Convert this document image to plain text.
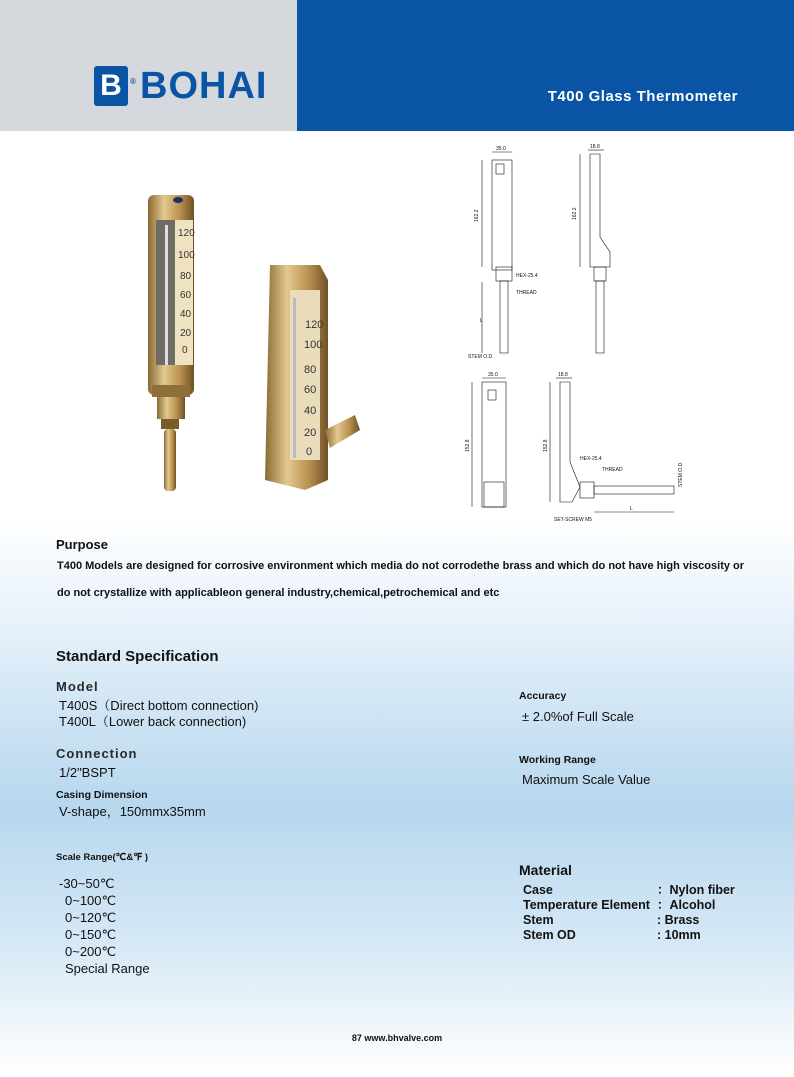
B ® BOHAI	T400 Glass Thermometer
120
100
80
60
40
20
0
120
100
80
60
40
20
0
35.0
162.2
HEX-25.4
THREAD
L
STEM O.D.
18.8
162.2
35.0
152.8
18.8
152.8
HEX-25.4
THREAD	STEM O.D.
L
SET-SCREW M5
Purpose
T400 Models are designed for corrosive environment which media do not corrodethe brass and which do not have high viscosity or
do not crystallize with applicableon general industry,chemical,petrochemical and etc
Standard Specification
Model
T400S（Direct bottom connection)
T400L（Lower back connection)
Connection
1/2"BSPT
Casing Dimension
V-shape，150mmx35mm
Scale Range(℃&℉ )
-30~50℃
0~100℃
0~120℃
0~150℃
0~200℃
Special Range
Accuracy
± 2.0%of Full Scale
Working Range
Maximum Scale Value
Material
Case	：Nylon fiber
Temperature Element ：Alcohol
Stem	: Brass
Stem OD	: 10mm
87 www.bhvalve.com
